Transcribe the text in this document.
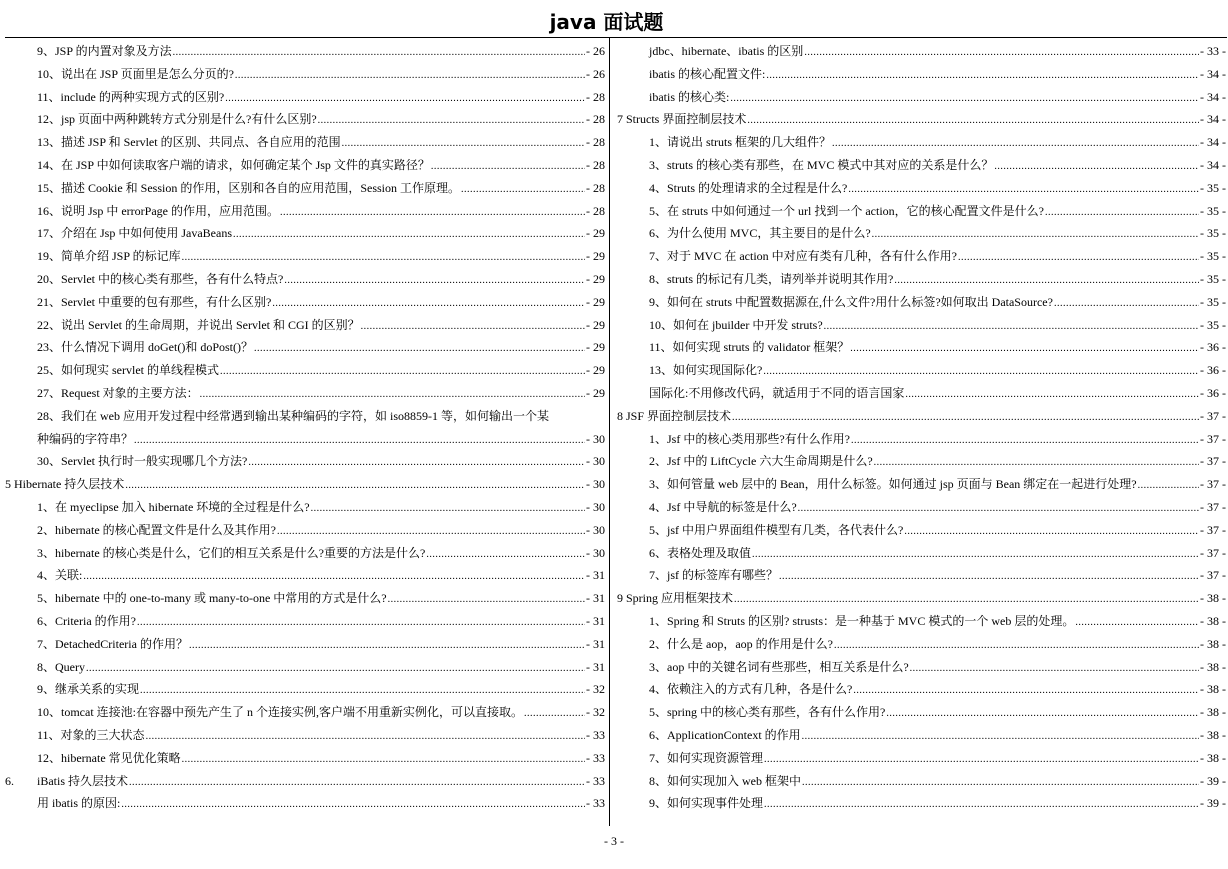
java 面试题
9、JSP 的内置对象及方法 .....	- 26
10、说出在 JSP 页面里是怎么分页的? .....	- 26
11、include 的两种实现方式的区别? .....	- 28
12、jsp 页面中两种跳转方式分别是什么?有什么区别? .....	- 28
13、描述 JSP 和 Servlet 的区别、共同点、各自应用的范围 .....	- 28
14、在 JSP 中如何读取客户端的请求，如何确定某个 Jsp 文件的真实路径？ .....	- 28
15、描述 Cookie 和 Session 的作用，区别和各自的应用范围，Session 工作原理。 .....	- 28
16、说明 Jsp 中 errorPage 的作用，应用范围。 .....	- 28
17、介绍在 Jsp 中如何使用 JavaBeans .....	- 29
19、简单介绍 JSP 的标记库 .....	- 29
20、Servlet 中的核心类有那些，各有什么特点? .....	- 29
21、Servlet 中重要的包有那些，有什么区别? .....	- 29
22、说出 Servlet 的生命周期，并说出 Servlet 和 CGI 的区别？ .....	- 29
23、什么情况下调用 doGet()和 doPost()？ .....	- 29
25、如何现实 servlet 的单线程模式 .....	- 29
27、Request 对象的主要方法： .....	- 29
28、我们在 web 应用开发过程中经常遇到输出某种编码的字符，如 iso8859-1 等，如何输出一个某
种编码的字符串？ .....	- 30
30、Servlet 执行时一般实现哪几个方法? .....	- 30
5 Hibernate 持久层技术 .....	- 30
1、在 myeclipse 加入 hibernate 环境的全过程是什么? .....	- 30
2、hibernate 的核心配置文件是什么及其作用? .....	- 30
3、hibernate 的核心类是什么，它们的相互关系是什么?重要的方法是什么? .....	- 30
4、关联: .....	- 31
5、hibernate 中的 one-to-many 或 many-to-one 中常用的方式是什么? .....	- 31
6、Criteria 的作用? .....	- 31
7、DetachedCriteria 的作用？ .....	- 31
8、Query .....	- 31
9、继承关系的实现 .....	- 32
10、tomcat 连接池:在容器中预先产生了 n 个连接实例,客户端不用重新实例化，可以直接取。 .....	- 32
11、对象的三大状态 .....	- 33
12、hibernate 常见优化策略 .....	- 33
6.	iBatis 持久层技术 .....	- 33
用 ibatis 的原因: .....	- 33
jdbc、hibernate、ibatis 的区别 .....	- 33 -
ibatis 的核心配置文件: .....	- 34 -
ibatis 的核心类: .....	- 34 -
7 Structs 界面控制层技术 .....	- 34 -
1、请说出 struts 框架的几大组件？ .....	- 34 -
3、struts 的核心类有那些，在 MVC 模式中其对应的关系是什么？ .....	- 34 -
4、Struts 的处理请求的全过程是什么? .....	- 35 -
5、在 struts 中如何通过一个 url 找到一个 action，它的核心配置文件是什么? .....	- 35 -
6、为什么使用 MVC，其主要目的是什么? .....	- 35 -
7、对于 MVC 在 action 中对应有类有几种，各有什么作用? .....	- 35 -
8、struts 的标记有几类，请列举并说明其作用? .....	- 35 -
9、如何在 struts 中配置数据源在,什么文件?用什么标签?如何取出 DataSource? .....	- 35 -
10、如何在 jbuilder 中开发 struts? .....	- 35 -
11、如何实现 struts 的 validator 框架？ .....	- 36 -
13、如何实现国际化? .....	- 36 -
国际化:不用修改代码，就适用于不同的语言国家 .....	- 36 -
8 JSF 界面控制层技术 .....	- 37 -
1、Jsf 中的核心类用那些?有什么作用? .....	- 37 -
2、Jsf 中的 LiftCycle 六大生命周期是什么? .....	- 37 -
3、如何管量 web 层中的 Bean，用什么标签。如何通过 jsp 页面与 Bean 绑定在一起进行处理? .....	- 37 -
4、Jsf 中导航的标签是什么? .....	- 37 -
5、jsf 中用户界面组件模型有几类，各代表什么? .....	- 37 -
6、表格处理及取值 .....	- 37 -
7、jsf 的标签库有哪些？ .....	- 37 -
9 Spring 应用框架技术 .....	- 38 -
1、Spring 和 Struts 的区别? strusts：是一种基于 MVC 模式的一个 web 层的处理。 .....	- 38 -
2、什么是 aop，aop 的作用是什么? .....	- 38 -
3、aop 中的关键名词有些那些，相互关系是什么? .....	- 38 -
4、依赖注入的方式有几种，各是什么? .....	- 38 -
5、spring 中的核心类有那些，各有什么作用? .....	- 38 -
6、ApplicationContext 的作用 .....	- 38 -
7、如何实现资源管理 .....	- 38 -
8、如何实现加入 web 框架中 .....	- 39 -
9、如何实现事件处理 .....	- 39 -
- 3 -
